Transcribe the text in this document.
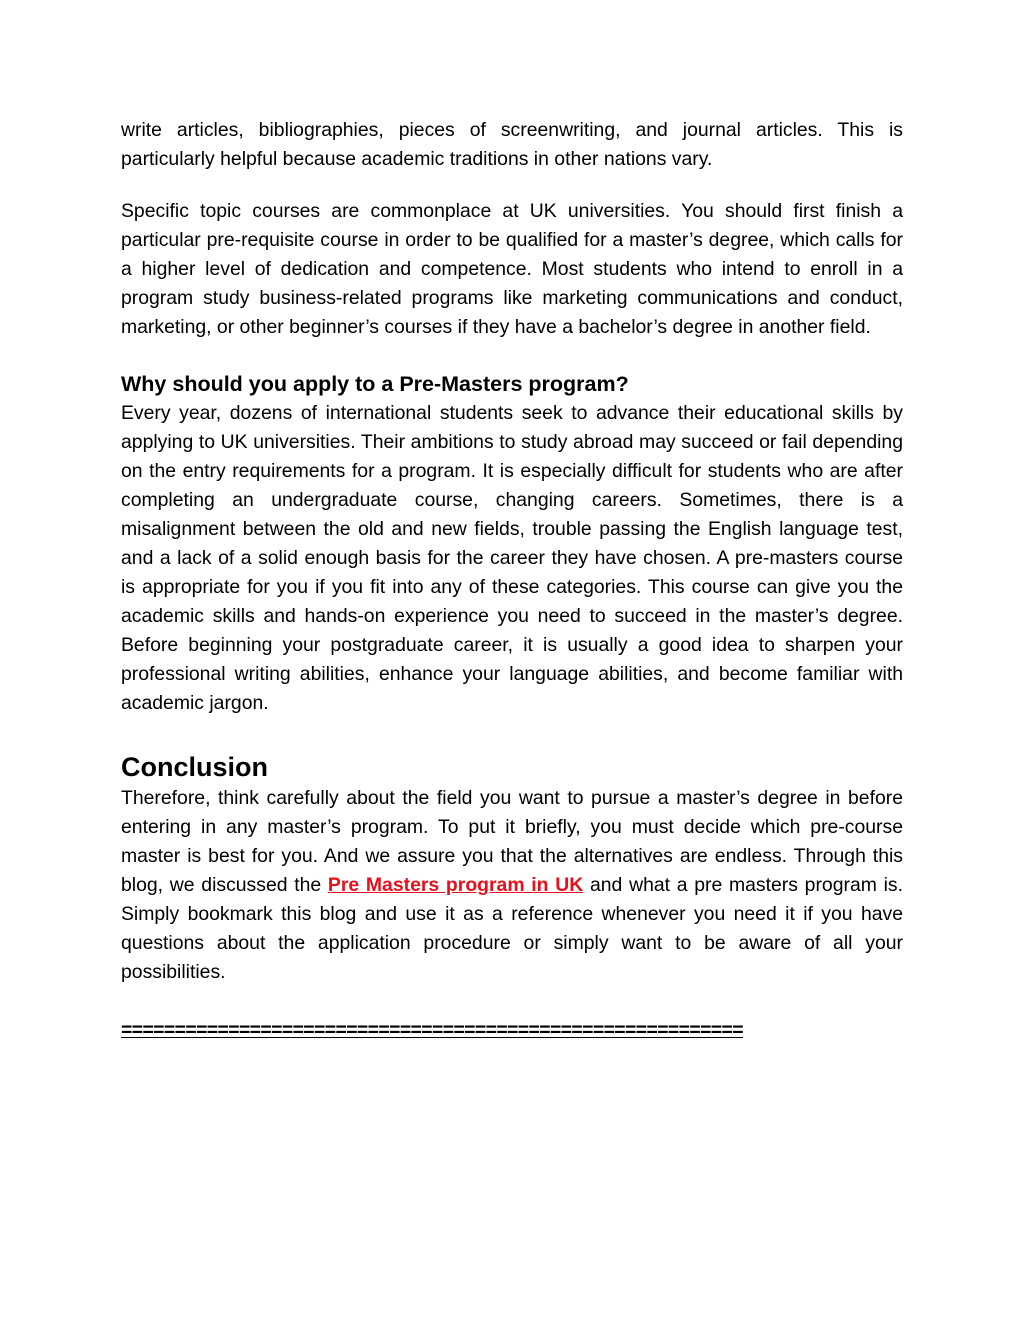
write articles, bibliographies, pieces of screenwriting, and journal articles. This is particularly helpful because academic traditions in other nations vary.

Specific topic courses are commonplace at UK universities. You should first finish a particular pre-requisite course in order to be qualified for a master’s degree, which calls for a higher level of dedication and competence. Most students who intend to enroll in a program study business-related programs like marketing communications and conduct, marketing, or other beginner’s courses if they have a bachelor’s degree in another field.

Why should you apply to a Pre-Masters program?

Every year, dozens of international students seek to advance their educational skills by applying to UK universities. Their ambitions to study abroad may succeed or fail depending on the entry requirements for a program. It is especially difficult for students who are after completing an undergraduate course, changing careers. Sometimes, there is a misalignment between the old and new fields, trouble passing the English language test, and a lack of a solid enough basis for the career they have chosen. A pre-masters course is appropriate for you if you fit into any of these categories. This course can give you the academic skills and hands-on experience you need to succeed in the master’s degree. Before beginning your postgraduate career, it is usually a good idea to sharpen your professional writing abilities, enhance your language abilities, and become familiar with academic jargon.

Conclusion

Therefore, think carefully about the field you want to pursue a master’s degree in before entering in any master’s program. To put it briefly, you must decide which pre-course master is best for you. And we assure you that the alternatives are endless. Through this blog, we discussed the Pre Masters program in UK and what a pre masters program is. Simply bookmark this blog and use it as a reference whenever you need it if you have questions about the application procedure or simply want to be aware of all your possibilities.

==========================================================
